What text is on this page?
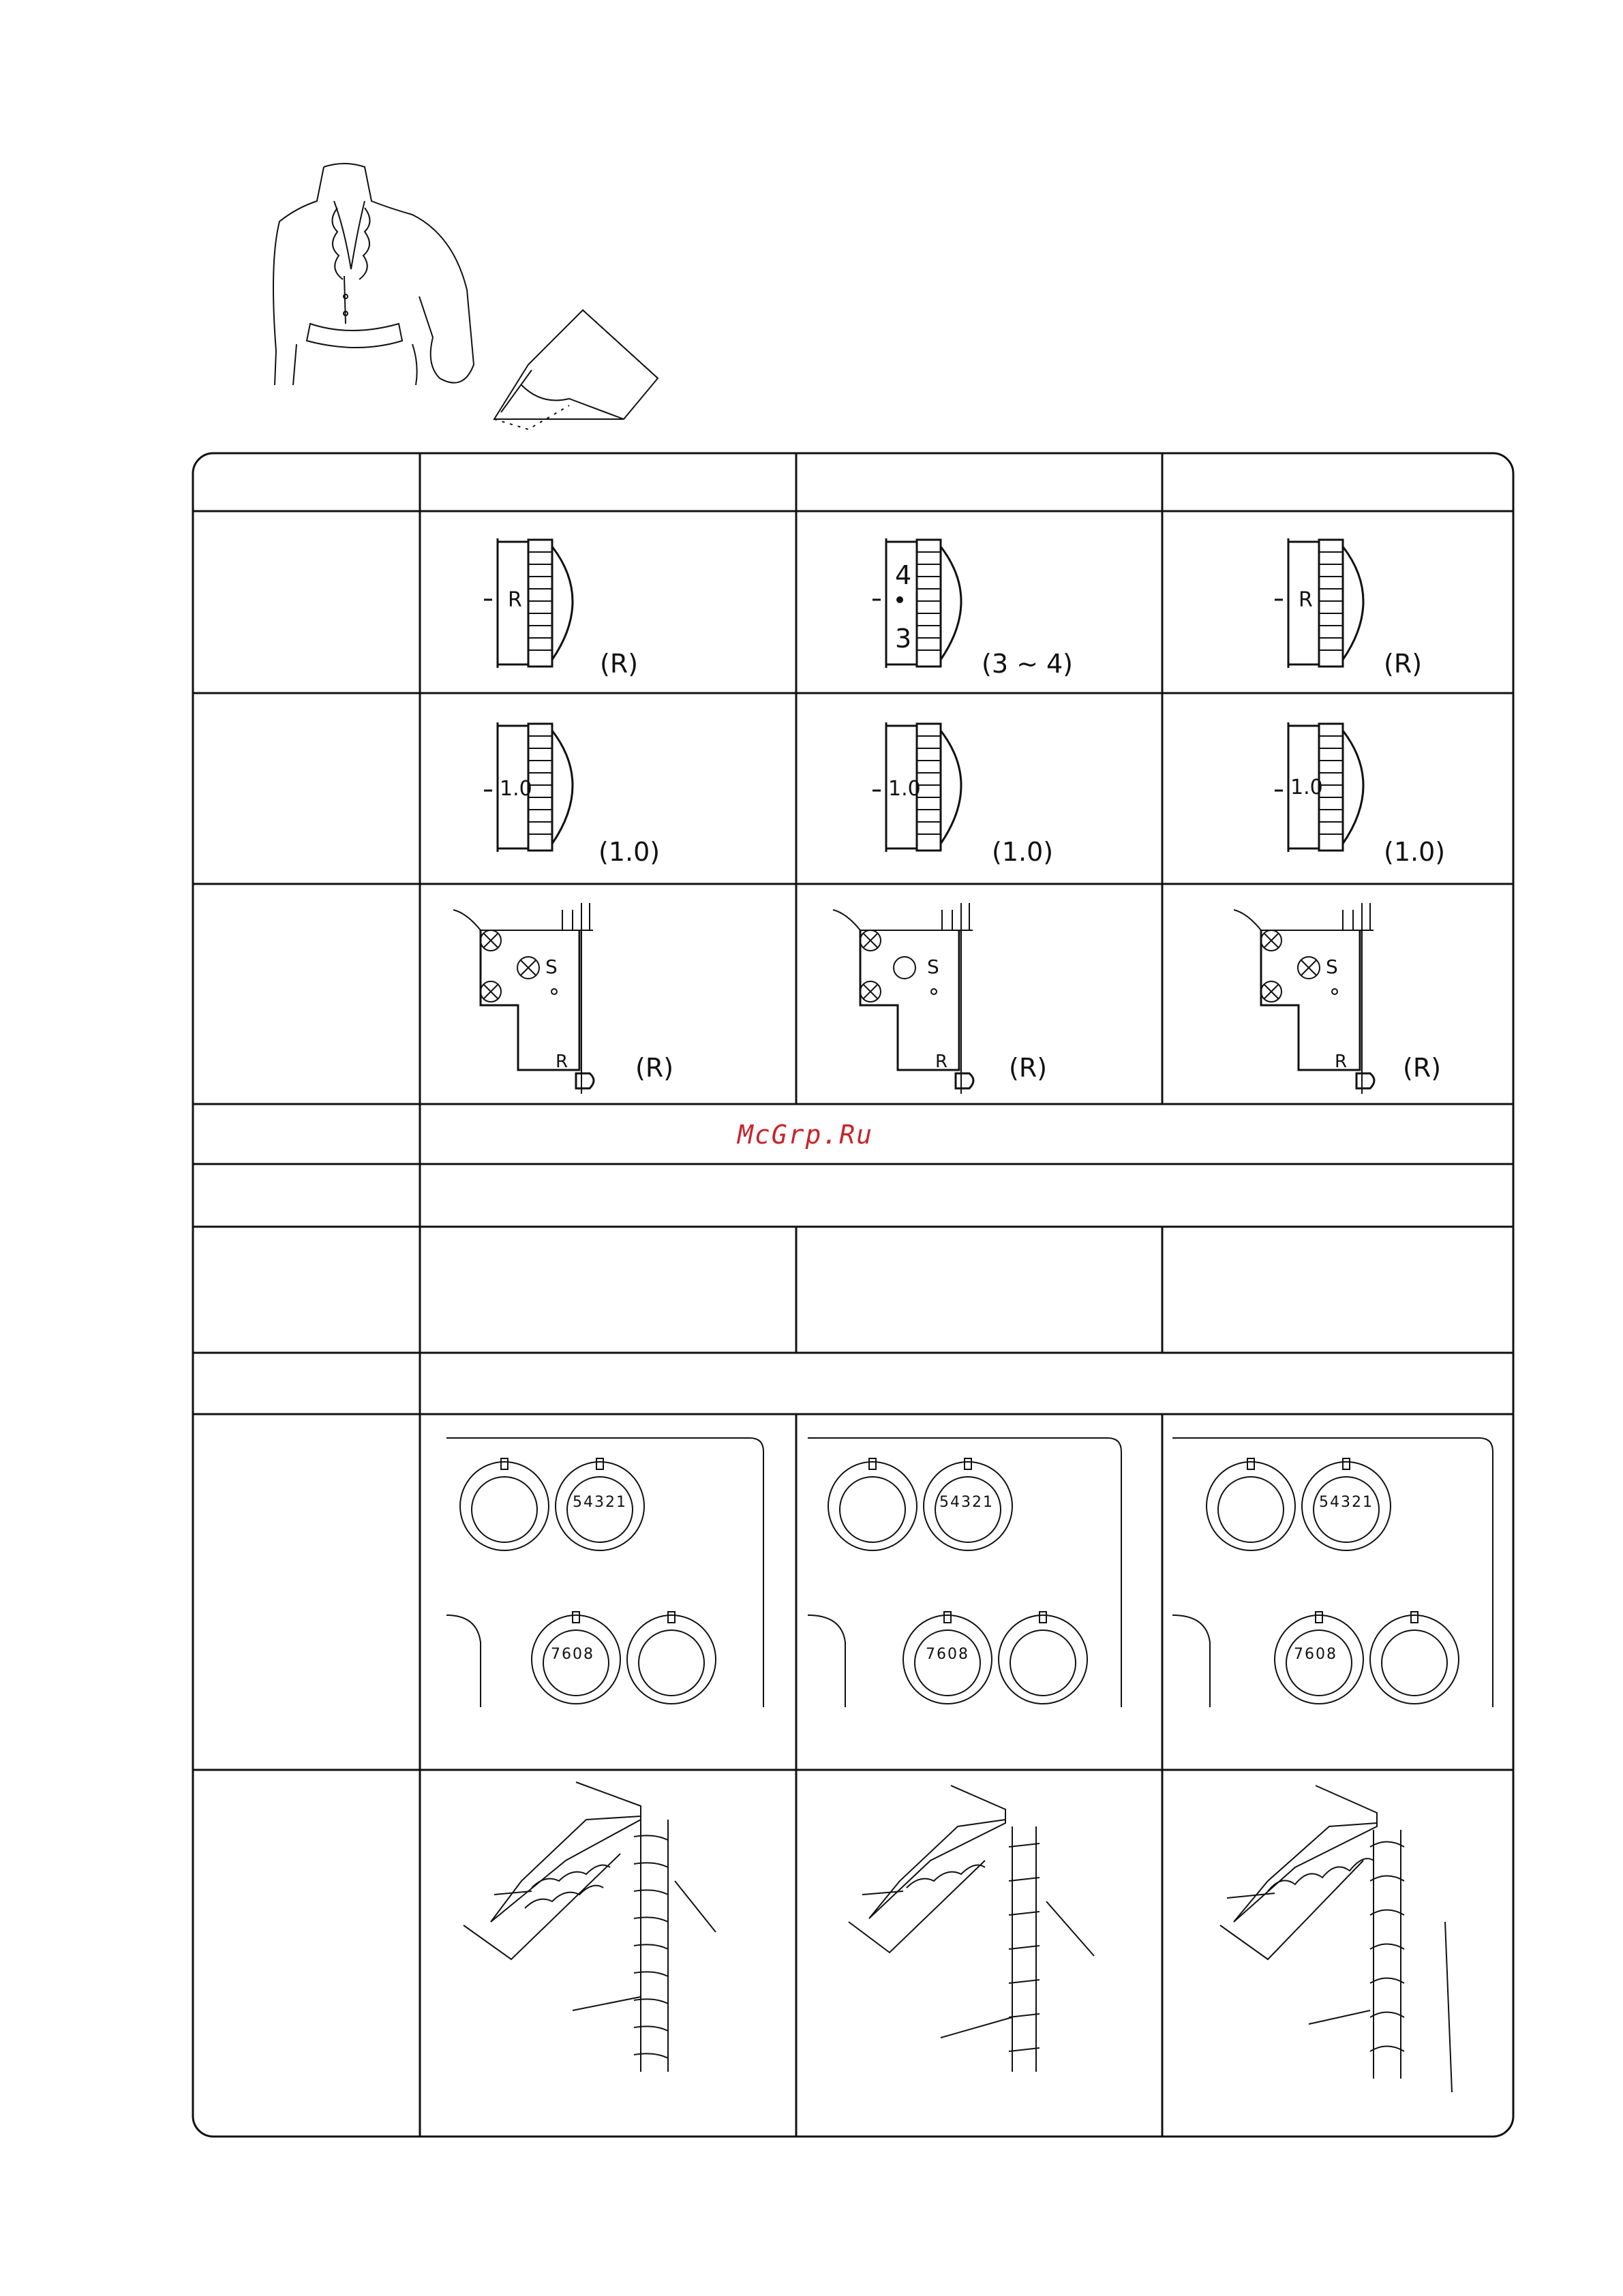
R
(R)
4
3
(3 ~ 4)
R
(R)
1.0
(1.0)
1.0
(1.0)
1.0
(1.0)
S
R	(R)
S
R (R)
S
R (R)
McGrp.Ru
54321
7608
54321
7608
54321
7608
